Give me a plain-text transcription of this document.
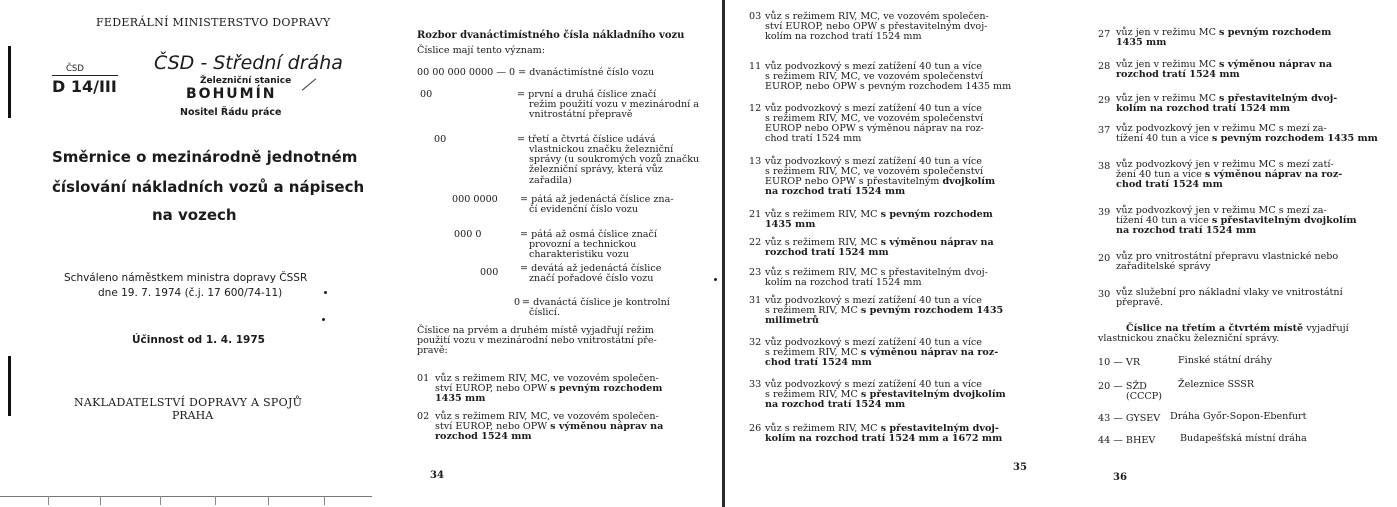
FEDERÁLNÍ MINISTERSTVO DOPRAVY
ČSD
D 14/III
ČSD - Střední dráha
Železniční stanice
BOHUMÍN
Nositel Řádu práce
Směrnice o mezinárodně jednotném
číslování nákladních vozů a nápisech
na vozech
Schváleno náměstkem ministra dopravy ČSSR
dne 19. 7. 1974 (č.j. 17 600/74-11)
Účinnost od 1. 4. 1975
NAKLADATELSTVÍ DOPRAVY A SPOJŮ
PRAHA
Rozbor dvanáctimístného čísla nákladního vozu
Číslice mají tento význam:
00 00 000 0000 — 0 = dvanáctimístné číslo vozu
00	= první a druhá číslice značí
režim použití vozu v mezinárodní a vnitrostátní přepravě
00	= třetí a čtvrtá číslice udává
vlastnickou značku železniční správy (u soukromých vozů značku železniční správy, která vůz zařadila)
000 0000 = pátá až jedenáctá číslice zna-
čí evidenční číslo vozu
000 0	= pátá až osmá číslice značí
provozní a technickou charakteristiku vozu
000 = devátá až jedenáctá číslice
značí pořadové číslo vozu
0 = dvanáctá číslice je kontrolní
číslicí.
Číslice na prvém a druhém místě vyjadřují režim
použití vozu v mezinárodní nebo vnitrostátní pře-
pravě:
01 vůz s režimem RIV, MC, ve vozovém společen-
ství EUROP, nebo OPW s pevným rozchodem
1435 mm
02 vůz s režimem RIV, MC, ve vozovém společen-
ství EUROP, nebo OPW s výměnou náprav na
rozchod 1524 mm
34
03 vůz s režimem RIV, MC, ve vozovém společen-
ství EUROP, nebo OPW s přestavitelným dvoj-
kolím na rozchod tratí 1524 mm
11 vůz podvozkový s mezí zatížení 40 tun a více
s režimem RIV, MC, ve vozovém společenství
EUROP, nebo OPW s pevným rozchodem 1435 mm
12 vůz podvozkový s mezí zatížení 40 tun a více
s režimem RIV, MC, ve vozovém společenství
EUROP nebo OPW s výměnou náprav na roz-
chod tratí 1524 mm
13 vůz podvozkový s mezí zatížení 40 tun a více
s režimem RIV, MC, ve vozovém společenství
EUROP nebo OPW s přestavitelným dvojkolím
na rozchod tratí 1524 mm
21 vůz s režimem RIV, MC s pevným rozchodem
1435 mm
22 vůz s režimem RIV, MC s výměnou náprav na
rozchod tratí 1524 mm
23 vůz s režimem RIV, MC s přestavitelným dvoj-
kolím na rozchod tratí 1524 mm
31 vůz podvozkový s mezí zatížení 40 tun a více
s režimem RIV, MC s pevným rozchodem 1435
milimetrů
32 vůz podvozkový s mezí zatížení 40 tun a více
s režimem RIV, MC s výměnou náprav na roz-
chod tratí 1524 mm
33 vůz podvozkový s mezí zatížení 40 tun a více
s režimem RIV, MC s přestavitelným dvojkolím
na rozchod tratí 1524 mm
26 vůz s režimem RIV, MC s přestavitelným dvoj-
kolím na rozchod tratí 1524 mm a 1672 mm
35
27 vůz jen v režimu MC s pevným rozchodem
1435 mm
28 vůz jen v režimu MC s výměnou náprav na
rozchod tratí 1524 mm
29 vůz jen v režimu MC s přestavitelným dvoj-
kolím na rozchod tratí 1524 mm
37 vůz podvozkový jen v režimu MC s mezí za-
tížení 40 tun a více s pevným rozchodem 1435 mm
38 vůz podvozkový jen v režimu MC s mezí zatí-
žení 40 tun a více s výměnou náprav na roz-
chod tratí 1524 mm
39 vůz podvozkový jen v režimu MC s mezí za-
tížení 40 tun a více s přestavitelným dvojkolím
na rozchod tratí 1524 mm
20 vůz pro vnitrostátní přepravu vlastnické nebo
zařaditelské správy
30 vůz služební pro nákladní vlaky ve vnitrostátní
přepravě.
Číslice na třetím a čtvrtém místě vyjadřují
vlastnickou značku železniční správy.
10 — VR	Finské státní dráhy
20 — SŽD	Železnice SSSR
(CCCP)
43 — GYSEV Dráha Győr-Sopon-Ebenfurt
44 — BHEV	Budapešťská místní dráha
36
